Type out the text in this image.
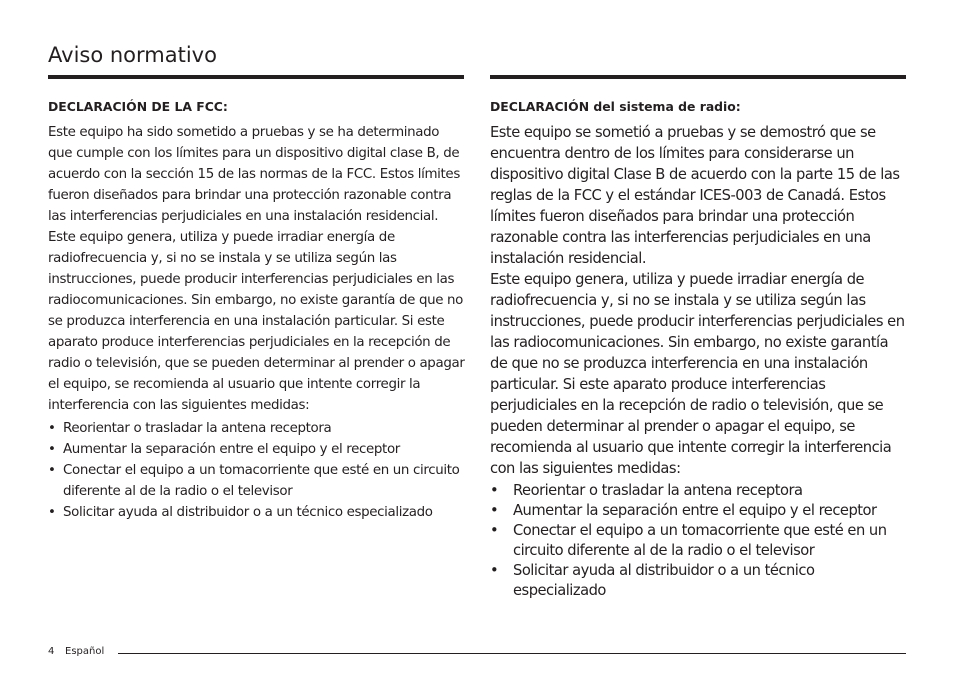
Aviso normativo
DECLARACIÓN DE LA FCC:

Este equipo ha sido sometido a pruebas y se ha determinado que cumple con los límites para un dispositivo digital clase B, de acuerdo con la sección 15 de las normas de la FCC. Estos límites fueron diseñados para brindar una protección razonable contra las interferencias perjudiciales en una instalación residencial.

Este equipo genera, utiliza y puede irradiar energía de radiofrecuencia y, si no se instala y se utiliza según las instrucciones, puede producir interferencias perjudiciales en las radiocomunicaciones. Sin embargo, no existe garantía de que no se produzca interferencia en una instalación particular. Si este aparato produce interferencias perjudiciales en la recepción de radio o televisión, que se pueden determinar al prender o apagar el equipo, se recomienda al usuario que intente corregir la interferencia con las siguientes medidas:

• Reorientar o trasladar la antena receptora
• Aumentar la separación entre el equipo y el receptor
• Conectar el equipo a un tomacorriente que esté en un circuito diferente al de la radio o el televisor
• Solicitar ayuda al distribuidor o a un técnico especializado
DECLARACIÓN del sistema de radio:

Este equipo se sometió a pruebas y se demostró que se encuentra dentro de los límites para considerarse un dispositivo digital Clase B de acuerdo con la parte 15 de las reglas de la FCC y el estándar ICES-003 de Canadá. Estos límites fueron diseñados para brindar una protección razonable contra las interferencias perjudiciales en una instalación residencial.

Este equipo genera, utiliza y puede irradiar energía de radiofrecuencia y, si no se instala y se utiliza según las instrucciones, puede producir interferencias perjudiciales en las radiocomunicaciones. Sin embargo, no existe garantía de que no se produzca interferencia en una instalación particular. Si este aparato produce interferencias perjudiciales en la recepción de radio o televisión, que se pueden determinar al prender o apagar el equipo, se recomienda al usuario que intente corregir la interferencia con las siguientes medidas:

• Reorientar o trasladar la antena receptora
• Aumentar la separación entre el equipo y el receptor
• Conectar el equipo a un tomacorriente que esté en un circuito diferente al de la radio o el televisor
• Solicitar ayuda al distribuidor o a un técnico especializado
4 Español
